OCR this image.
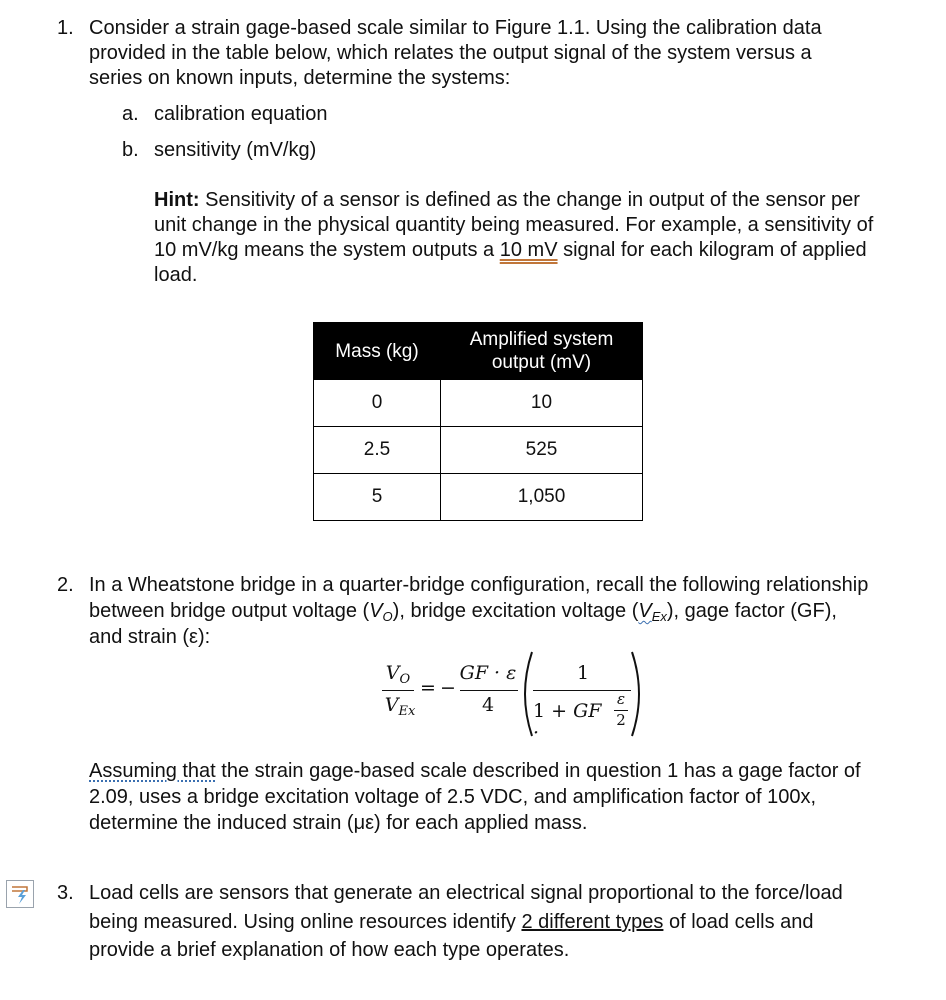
1. Consider a strain gage-based scale similar to Figure 1.1. Using the calibration data
provided in the table below, which relates the output signal of the system versus a
series on known inputs, determine the systems:
a. calibration equation
b. sensitivity (mV/kg)
Hint: Sensitivity of a sensor is defined as the change in output of the sensor per
unit change in the physical quantity being measured. For example, a sensitivity of
10 mV/kg means the system outputs a 10 mV signal for each kilogram of applied
load.
Mass (kg)	Amplified system
output (mV)

0	10
2.5	525
5	1,050
2. In a Wheatstone bridge in a quarter-bridge configuration, recall the following relationship
between bridge output voltage $(V_O)$, bridge excitation voltage $(V_{Ex})$, gage factor (GF),
and strain (ε):
$V_O$
$V_{Ex}$
= −
GF · ε
4
1
1 + GF ·
ε
2
Assuming that the strain gage-based scale described in question 1 has a gage factor of
2.09, uses a bridge excitation voltage of 2.5 VDC, and amplification factor of 100x,
determine the induced strain (με) for each applied mass.
3. Load cells are sensors that generate an electrical signal proportional to the force/load
being measured. Using online resources identify 2 different types of load cells and
provide a brief explanation of how each type operates.
